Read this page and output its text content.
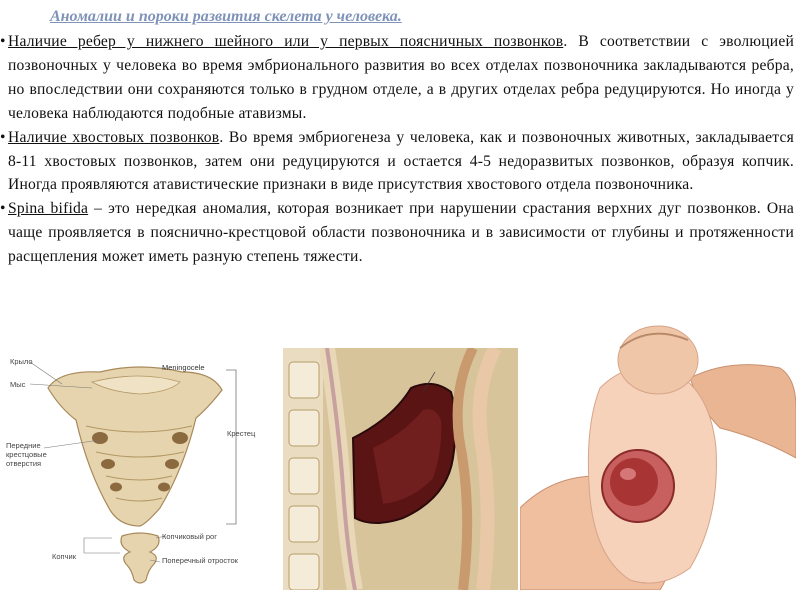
Аномалии и пороки развития скелета у человека.
• Наличие ребер у нижнего шейного или у первых поясничных позвонков. В соответствии с эволюцией позвоночных у человека во время эмбрионального развития во всех отделах позвоночника закладываются ребра, но впоследствии они сохраняются только в грудном отделе, а в других отделах ребра редуцируются. Но иногда у человека наблюдаются подобные атавизмы.
• Наличие хвостовых позвонков. Во время эмбриогенеза у человека, как и позвоночных животных, закладывается 8-11 хвостовых позвонков, затем они редуцируются и остается 4-5 недоразвитых позвонков, образуя копчик. Иногда проявляются атавистические признаки в виде присутствия хвостового отдела позвоночника.
• Spina bifida – это нередкая аномалия, которая возникает при нарушении срастания верхних дуг позвонков. Она чаще проявляется в пояснично-крестцовой области позвоночника и в зависимости от глубины и протяженности расщепления может иметь разную степень тяжести.
Крыло
Мыс
Передние крестцовые отверстия
Крестец
Копчик
Копчиковый рог
Поперечный отросток
Meningocele
